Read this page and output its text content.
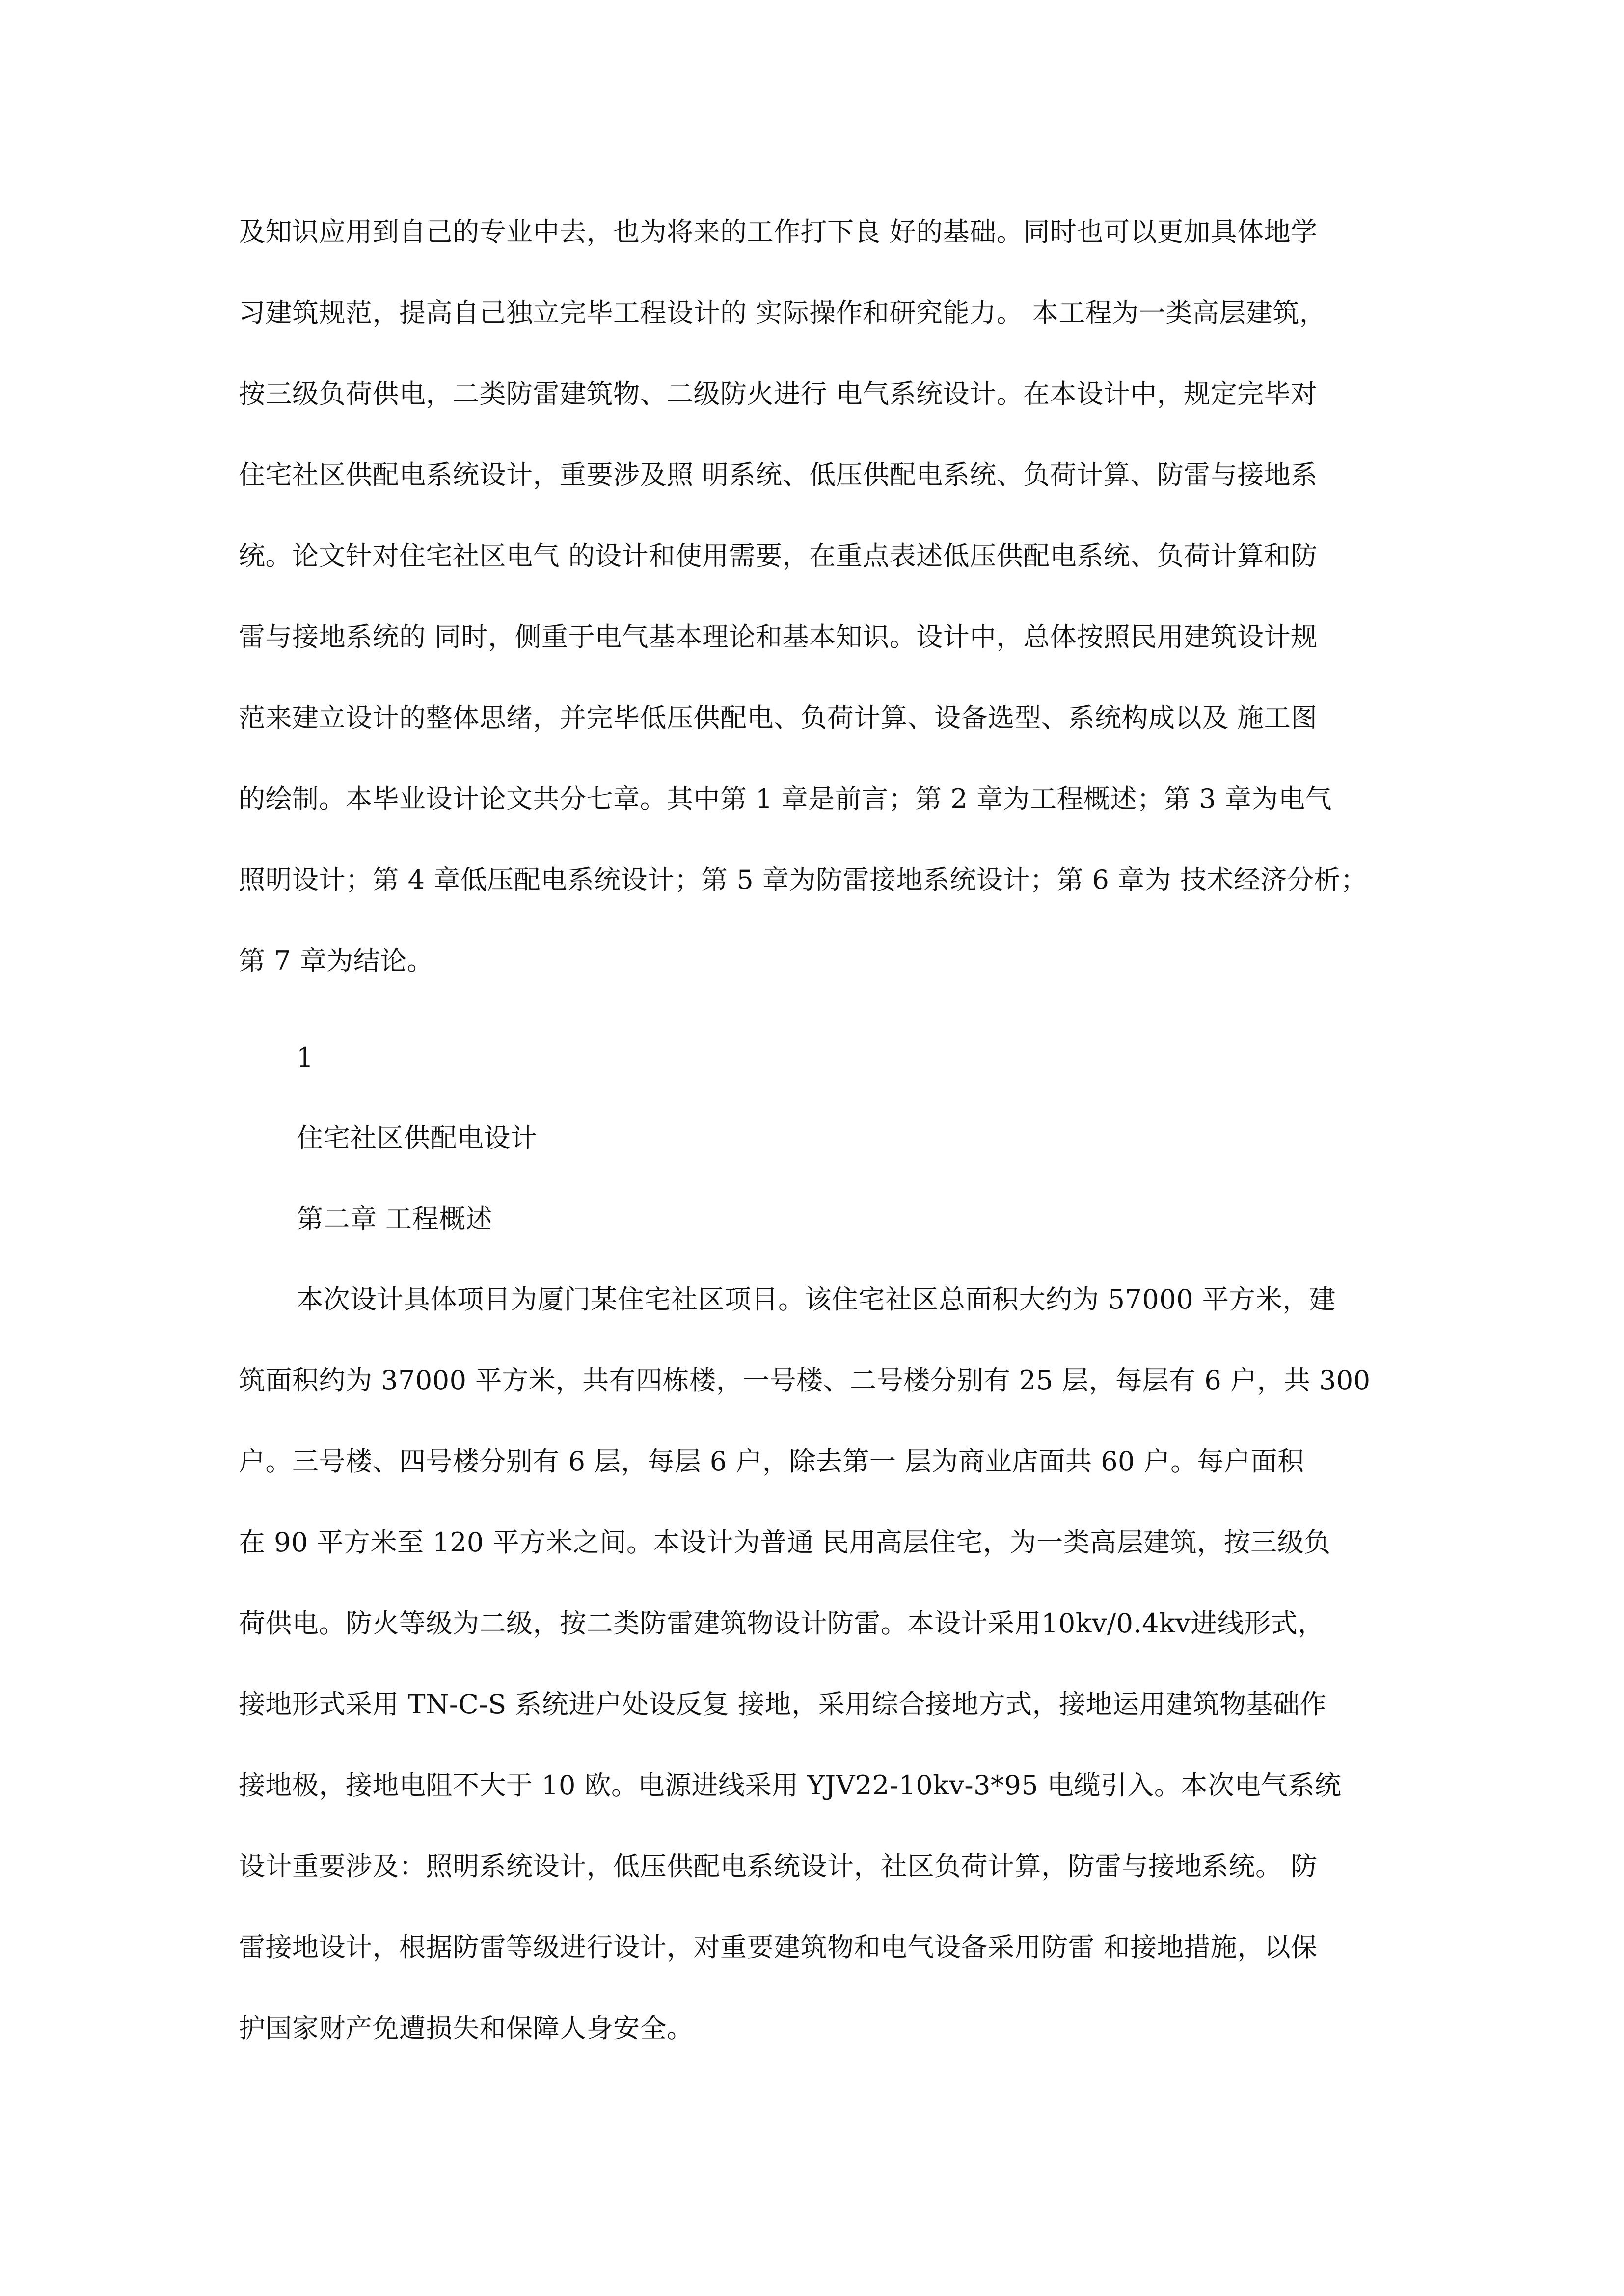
及知识应用到自己的专业中去，也为将来的工作打下良 好的基础。同时也可以更加具体地学
习建筑规范，提高自己独立完毕工程设计的 实际操作和研究能力。 本工程为一类高层建筑，
按三级负荷供电，二类防雷建筑物、二级防火进行 电气系统设计。在本设计中，规定完毕对
住宅社区供配电系统设计，重要涉及照 明系统、低压供配电系统、负荷计算、防雷与接地系
统。论文针对住宅社区电气 的设计和使用需要，在重点表述低压供配电系统、负荷计算和防
雷与接地系统的 同时，侧重于电气基本理论和基本知识。设计中，总体按照民用建筑设计规
范来建立设计的整体思绪，并完毕低压供配电、负荷计算、设备选型、系统构成以及 施工图
的绘制。本毕业设计论文共分七章。其中第 1 章是前言；第 2 章为工程概述；第 3 章为电气
照明设计；第 4 章低压配电系统设计；第 5 章为防雷接地系统设计；第 6 章为 技术经济分析；
第 7 章为结论。
1
住宅社区供配电设计
第二章 工程概述
本次设计具体项目为厦门某住宅社区项目。该住宅社区总面积大约为 57000 平方米，建
筑面积约为 37000 平方米，共有四栋楼，一号楼、二号楼分别有 25 层，每层有 6 户，共 300
户。三号楼、四号楼分别有 6 层，每层 6 户，除去第一 层为商业店面共 60 户。每户面积
在 90 平方米至 120 平方米之间。本设计为普通 民用高层住宅，为一类高层建筑，按三级负
荷供电。防火等级为二级，按二类防雷建筑物设计防雷。本设计采用10kv/0.4kv进线形式，
接地形式采用 TN-C-S 系统进户处设反复 接地，采用综合接地方式，接地运用建筑物基础作
接地极，接地电阻不大于 10 欧。电源进线采用 YJV22-10kv-3*95 电缆引入。本次电气系统
设计重要涉及：照明系统设计，低压供配电系统设计，社区负荷计算，防雷与接地系统。 防
雷接地设计，根据防雷等级进行设计，对重要建筑物和电气设备采用防雷 和接地措施，以保
护国家财产免遭损失和保障人身安全。
